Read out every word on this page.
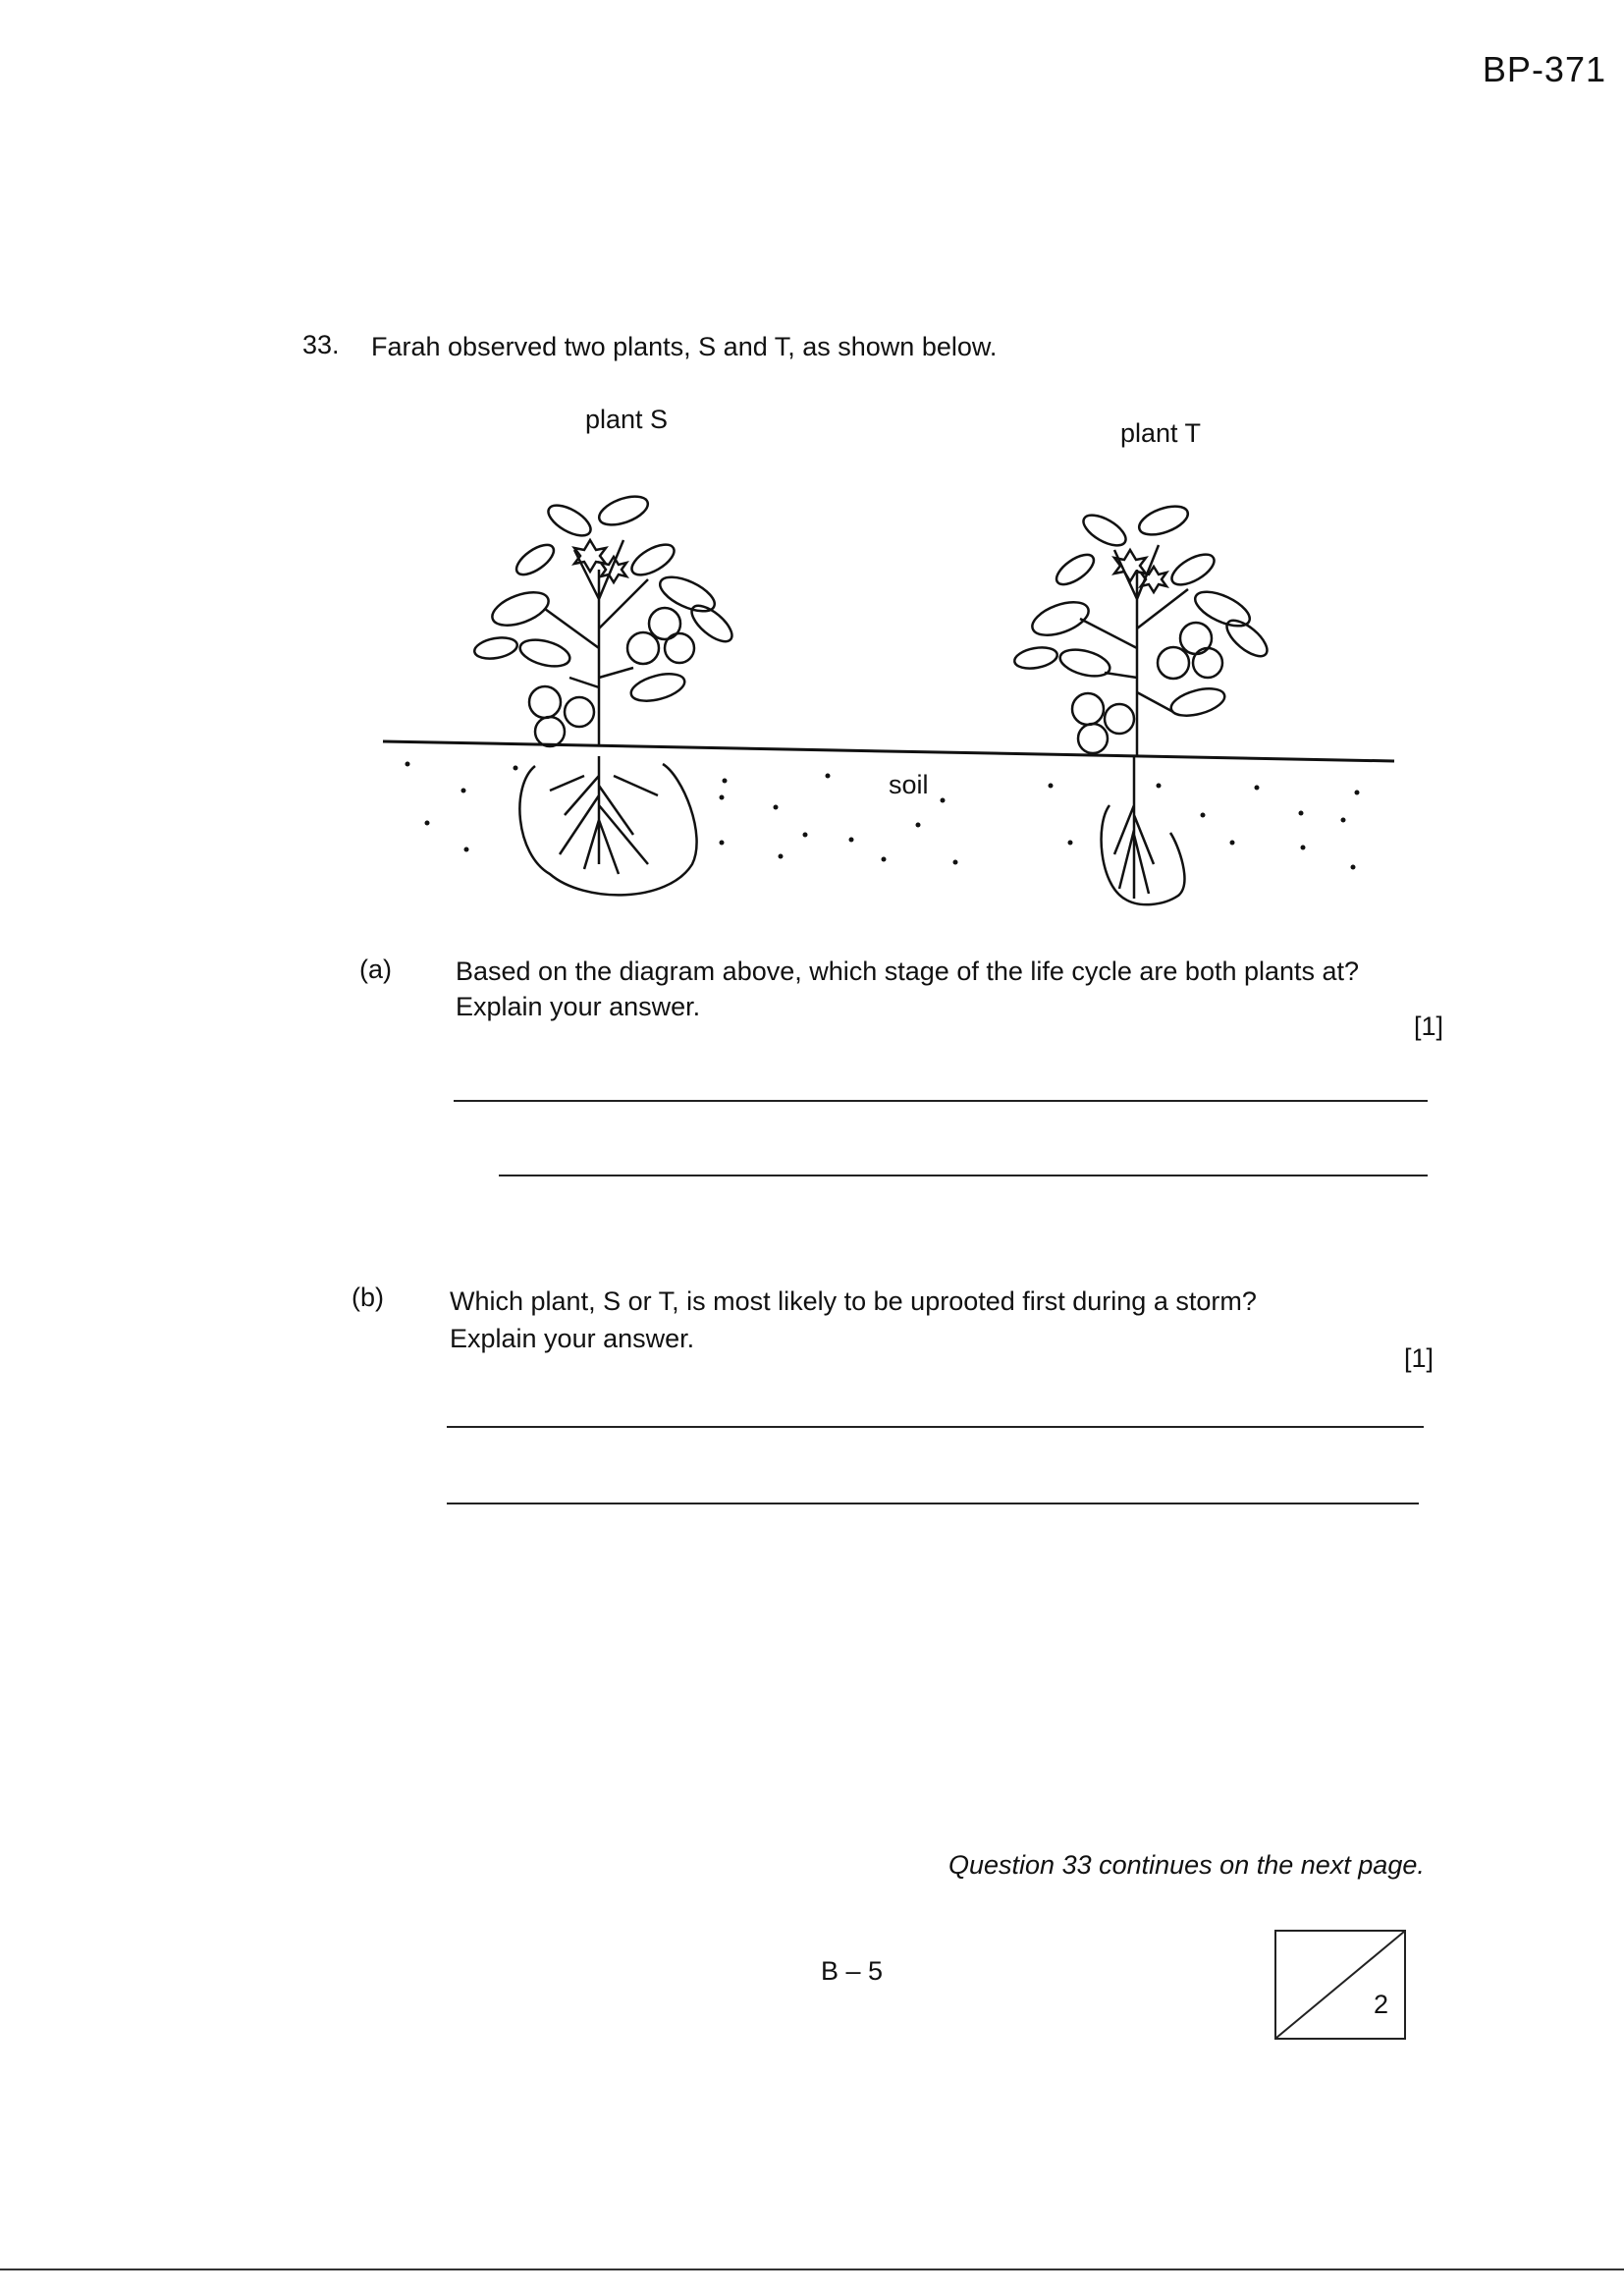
BP-371
33. Farah observed two plants, S and T, as shown below.
plant S	plant T
soil
(a) Based on the diagram above, which stage of the life cycle are both plants at?
Explain your answer.
[1]
(b) Which plant, S or T, is most likely to be uprooted first during a storm?
Explain your answer.
[1]
Question 33 continues on the next page.
B – 5
2
